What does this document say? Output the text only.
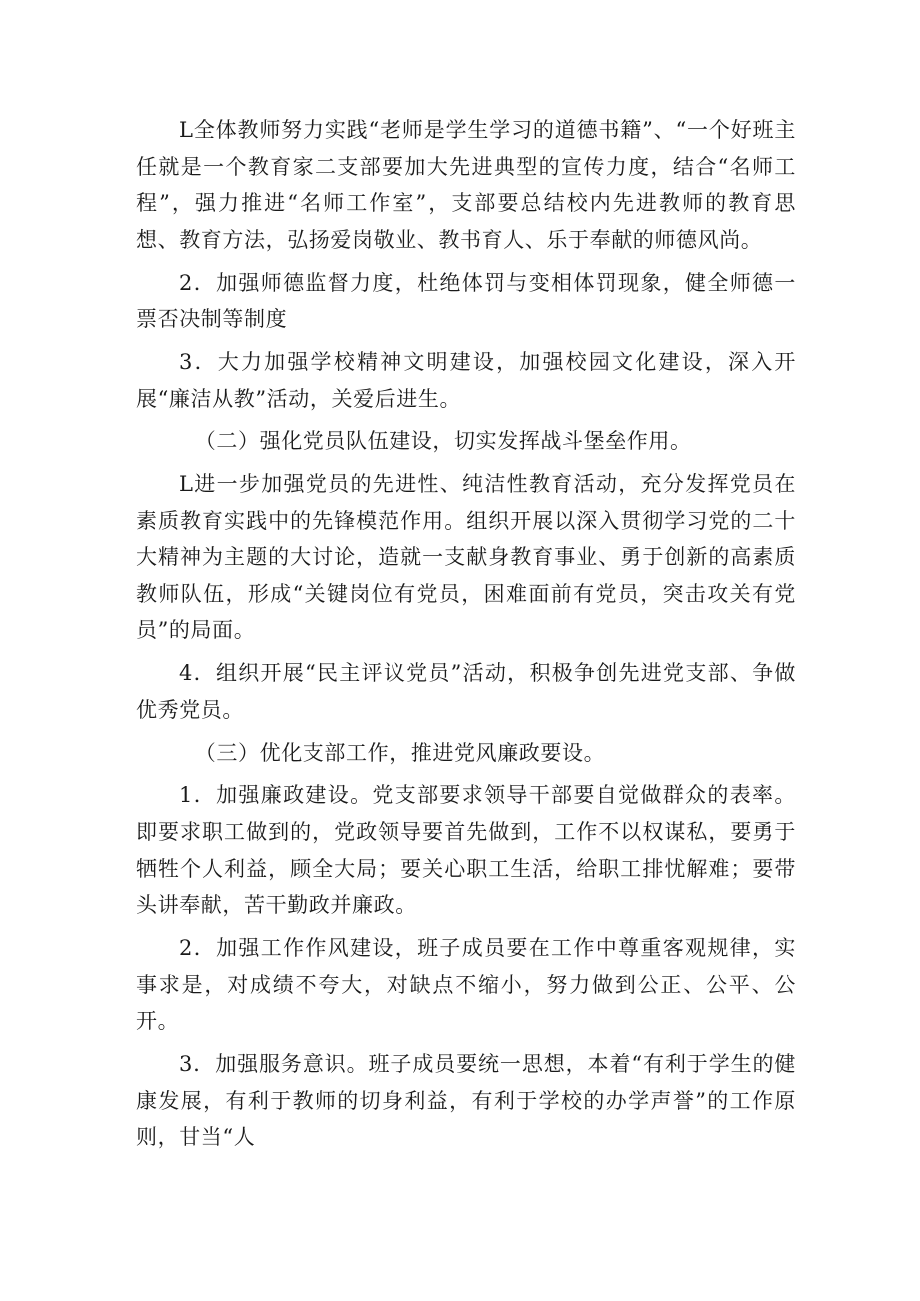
L全体教师努力实践“老师是学生学习的道德书籍”、“一个好班主任就是一个教育家二支部要加大先进典型的宣传力度，结合“名师工程”，强力推进“名师工作室”，支部要总结校内先进教师的教育思想、教育方法，弘扬爱岗敬业、教书育人、乐于奉献的师德风尚。

2．加强师德监督力度，杜绝体罚与变相体罚现象，健全师德一票否决制等制度

3．大力加强学校精神文明建设，加强校园文化建设，深入开展“廉洁从教”活动，关爱后进生。

（二）强化党员队伍建设，切实发挥战斗堡垒作用。

L进一步加强党员的先进性、纯洁性教育活动，充分发挥党员在素质教育实践中的先锋模范作用。组织开展以深入贯彻学习党的二十大精神为主题的大讨论，造就一支献身教育事业、勇于创新的高素质教师队伍，形成“关键岗位有党员，困难面前有党员，突击攻关有党员”的局面。

4．组织开展“民主评议党员”活动，积极争创先进党支部、争做优秀党员。

（三）优化支部工作，推进党风廉政要设。

1．加强廉政建设。党支部要求领导干部要自觉做群众的表率。即要求职工做到的，党政领导要首先做到，工作不以权谋私，要勇于牺牲个人利益，顾全大局；要关心职工生活，给职工排忧解难；要带头讲奉献，苦干勤政并廉政。

2．加强工作作风建设，班子成员要在工作中尊重客观规律，实事求是，对成绩不夸大，对缺点不缩小，努力做到公正、公平、公开。

3．加强服务意识。班子成员要统一思想，本着“有利于学生的健康发展，有利于教师的切身利益，有利于学校的办学声誉”的工作原则，甘当“人
